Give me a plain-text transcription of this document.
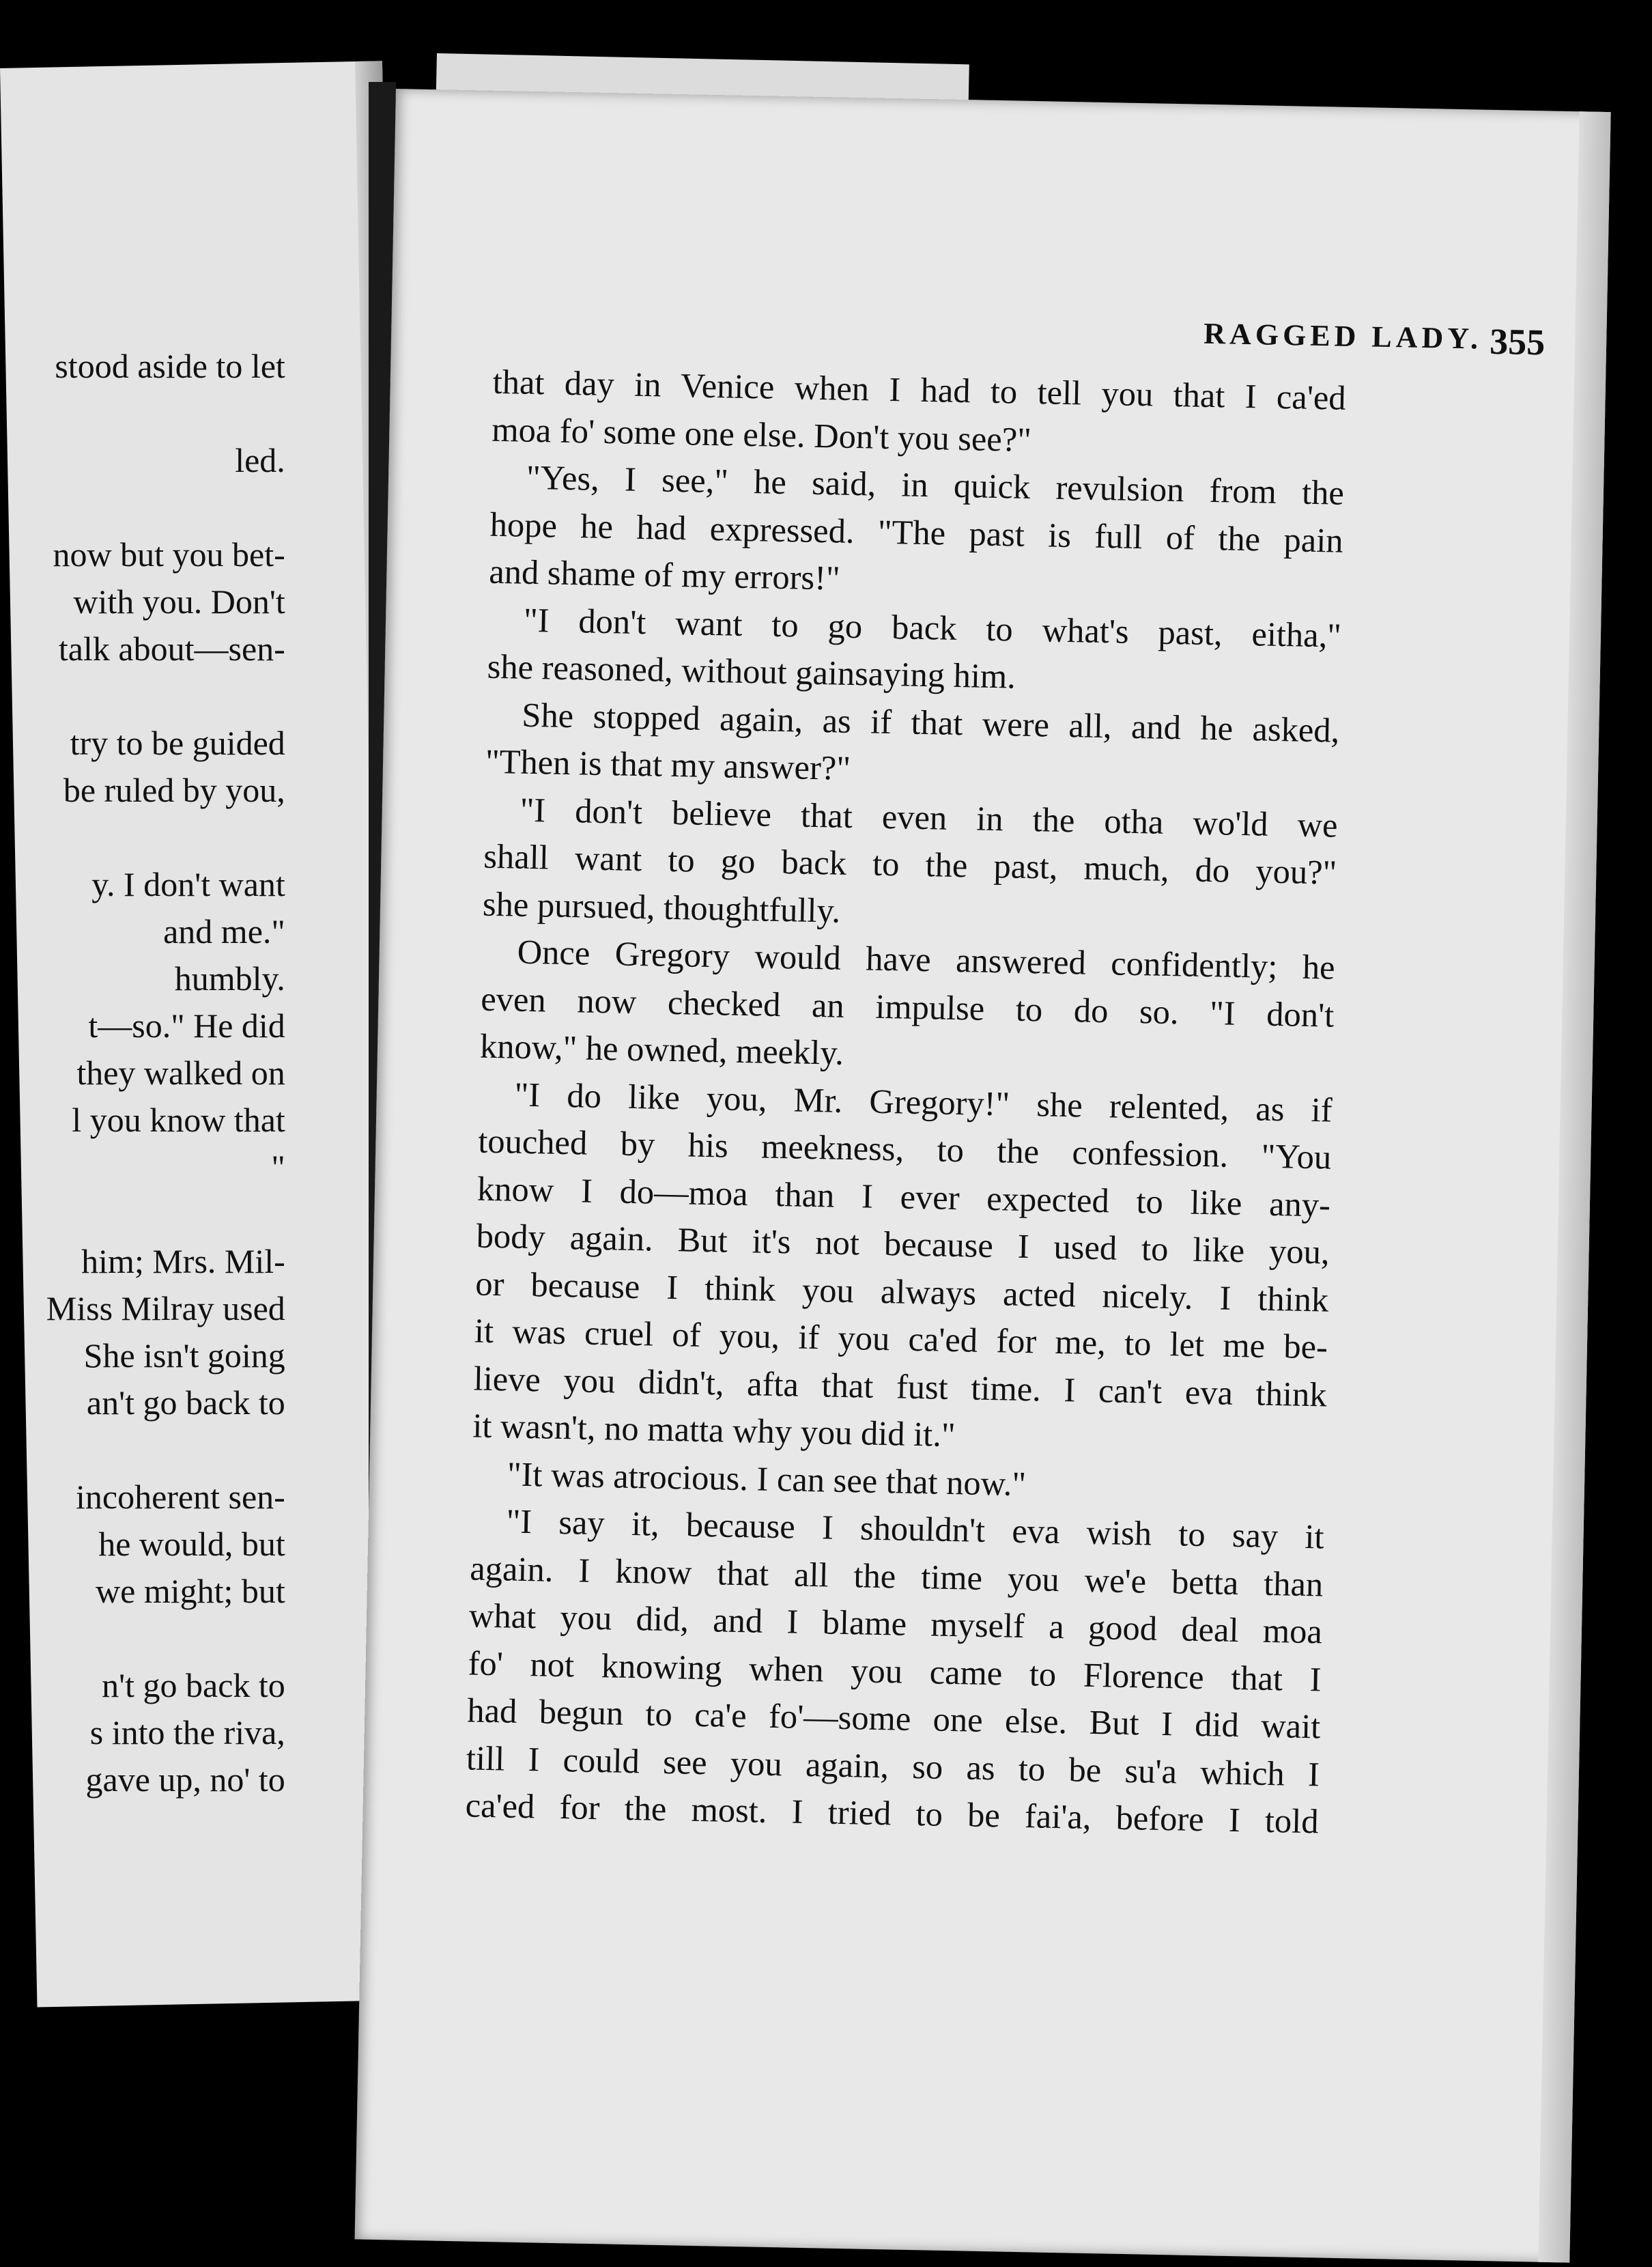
stood aside to let
led.
now but you bet-
with you. Don't
talk about—sen-
try to be guided
be ruled by you,
y. I don't want
and me."
humbly.
t—so." He did
they walked on
l you know that
"
him; Mrs. Mil-
Miss Milray used
She isn't going
an't go back to
incoherent sen-
he would, but
we might; but
n't go back to
s into the riva,
gave up, no' to
RAGGED LADY. 355
that day in Venice when I had to tell you that I ca'ed
moa fo' some one else. Don't you see?"
"Yes, I see," he said, in quick revulsion from the
hope he had expressed. "The past is full of the pain
and shame of my errors!"
"I don't want to go back to what's past, eitha,"
she reasoned, without gainsaying him.
She stopped again, as if that were all, and he asked,
"Then is that my answer?"
"I don't believe that even in the otha wo'ld we
shall want to go back to the past, much, do you?"
she pursued, thoughtfully.
Once Gregory would have answered confidently; he
even now checked an impulse to do so. "I don't
know," he owned, meekly.
"I do like you, Mr. Gregory!" she relented, as if
touched by his meekness, to the confession. "You
know I do—moa than I ever expected to like any-
body again. But it's not because I used to like you,
or because I think you always acted nicely. I think
it was cruel of you, if you ca'ed for me, to let me be-
lieve you didn't, afta that fust time. I can't eva think
it wasn't, no matta why you did it."
"It was atrocious. I can see that now."
"I say it, because I shouldn't eva wish to say it
again. I know that all the time you we'e betta than
what you did, and I blame myself a good deal moa
fo' not knowing when you came to Florence that I
had begun to ca'e fo'—some one else. But I did wait
till I could see you again, so as to be su'a which I
ca'ed for the most. I tried to be fai'a, before I told
